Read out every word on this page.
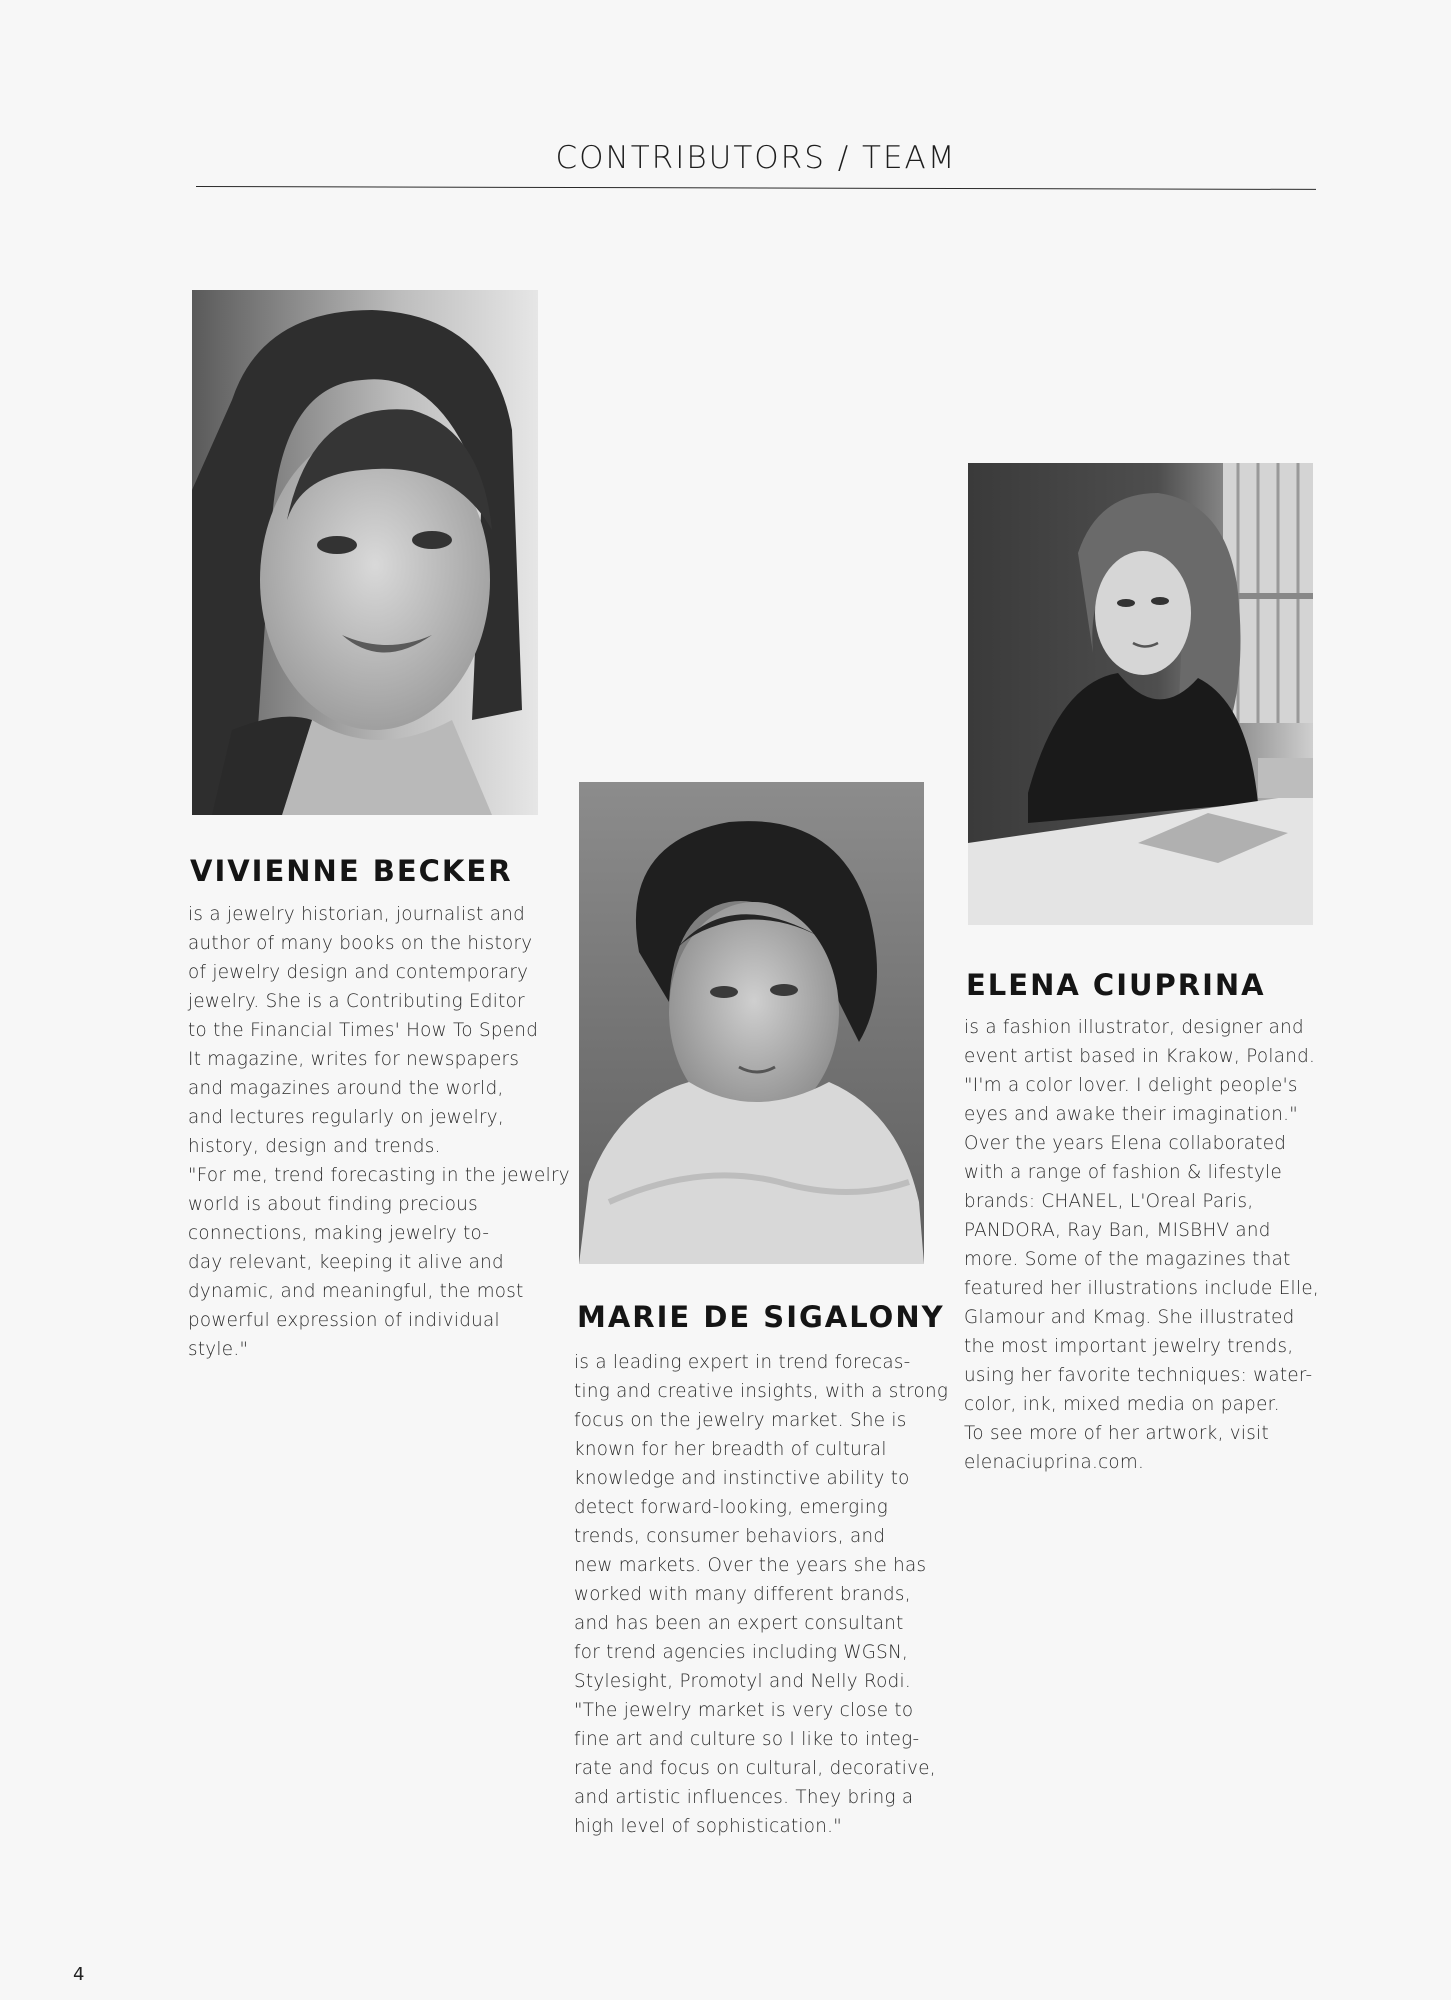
CONTRIBUTORS / TEAM
VIVIENNE BECKER

is a jewelry historian, journalist and
author of many books on the history
of jewelry design and contemporary
jewelry. She is a Contributing Editor
to the Financial Times' How To Spend
It magazine, writes for newspapers
and magazines around the world,
and lectures regularly on jewelry,
history, design and trends.
"For me, trend forecasting in the jewelry
world is about finding precious
connections, making jewelry to-
day relevant, keeping it alive and
dynamic, and meaningful, the most
powerful expression of individual
style."

MARIE DE SIGALONY

is a leading expert in trend forecas-
ting and creative insights, with a strong
focus on the jewelry market. She is
known for her breadth of cultural
knowledge and instinctive ability to
detect forward-looking, emerging
trends, consumer behaviors, and
new markets. Over the years she has
worked with many different brands,
and has been an expert consultant
for trend agencies including WGSN,
Stylesight, Promotyl and Nelly Rodi.
"The jewelry market is very close to
fine art and culture so I like to integ-
rate and focus on cultural, decorative,
and artistic influences. They bring a
high level of sophistication."

ELENA CIUPRINA

is a fashion illustrator, designer and
event artist based in Krakow, Poland.
"I'm a color lover. I delight people's
eyes and awake their imagination."
Over the years Elena collaborated
with a range of fashion & lifestyle
brands: CHANEL, L'Oreal Paris,
PANDORA, Ray Ban, MISBHV and
more. Some of the magazines that
featured her illustrations include Elle,
Glamour and Kmag. She illustrated
the most important jewelry trends,
using her favorite techniques: water-
color, ink, mixed media on paper.
To see more of her artwork, visit
elenaciuprina.com.

4
